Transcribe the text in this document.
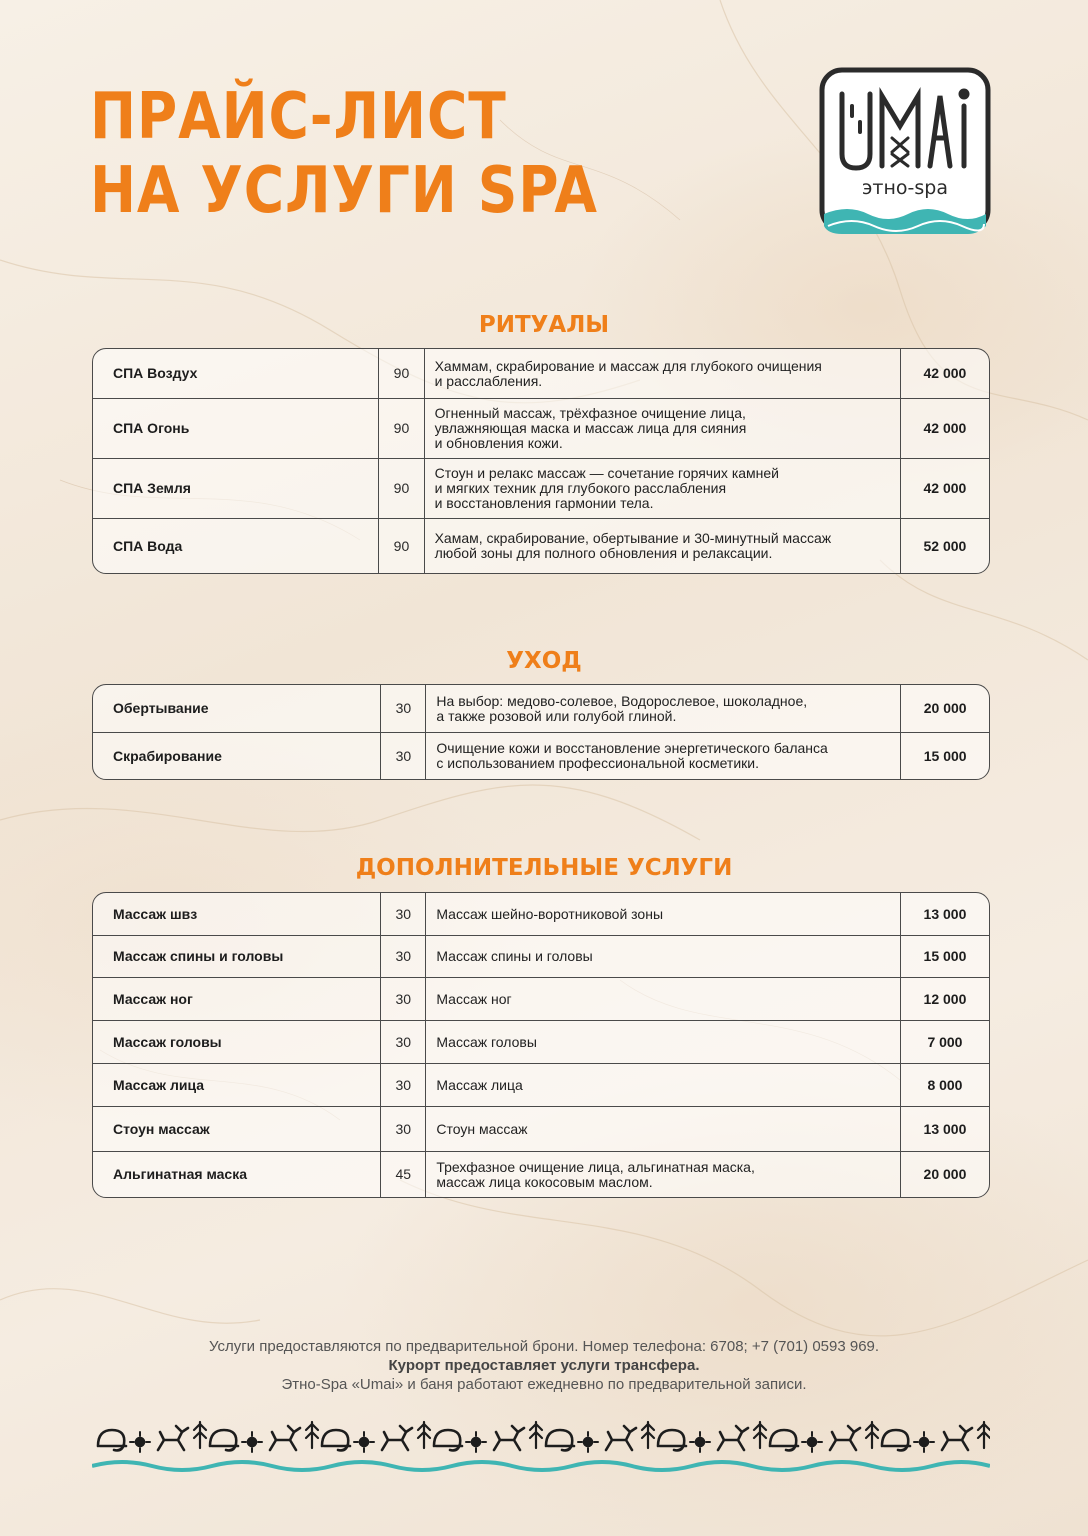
ПРАЙС-ЛИСТ
НА УСЛУГИ SPA	этно-spa
РИТУАЛЫ
СПА Воздух	90	Хаммам, скрабирование и массаж для глубокого очищения
и расслабления.	42 000
СПА Огонь	90	Огненный массаж, трёхфазное очищение лица,
увлажняющая маска и массаж лица для сияния
и обновления кожи.	42 000
СПА Земля	90	Стоун и релакс массаж — сочетание горячих камней
и мягких техник для глубокого расслабления
и восстановления гармонии тела.	42 000
СПА Вода	90	Хамам, скрабирование, обертывание и 30-минутный массаж
любой зоны для полного обновления и релаксации.	52 000
УХОД
Обертывание	30	На выбор: медово-солевое, Водорослевое, шоколадное,
а также розовой или голубой глиной.	20 000
Скрабирование	30	Очищение кожи и восстановление энергетического баланса
с использованием профессиональной косметики.	15 000
ДОПОЛНИТЕЛЬНЫЕ УСЛУГИ
Массаж швз	30	Массаж шейно-воротниковой зоны	13 000
Массаж спины и головы	30	Массаж спины и головы	15 000
Массаж ног	30	Массаж ног	12 000
Массаж головы	30	Массаж головы	7 000
Массаж лица	30	Массаж лица	8 000
Стоун массаж	30	Стоун массаж	13 000
Альгинатная маска	45	Трехфазное очищение лица, альгинатная маска,
массаж лица кокосовым маслом.	20 000

Услуги предоставляются по предварительной брони. Номер телефона: 6708; +7 (701) 0593 969.

Курорт предоставляет услуги трансфера.

Этно-Spa «Umai» и баня работают ежедневно по предварительной записи.
